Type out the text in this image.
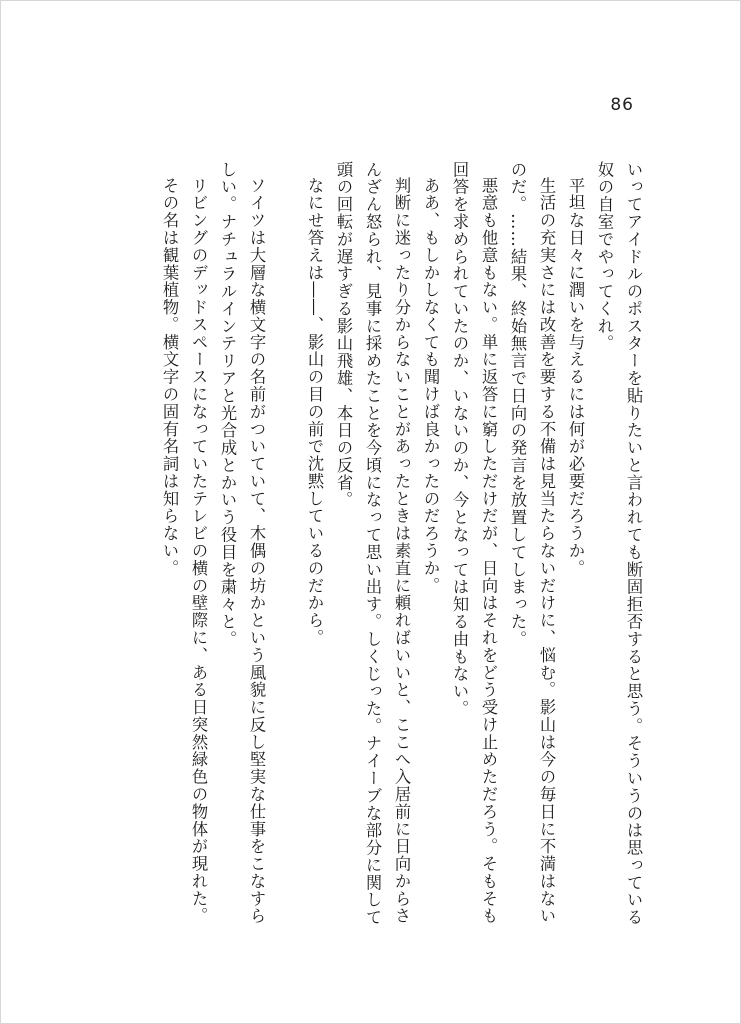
86

いってアイドルのポスターを貼りたいと言われても断固拒否すると思う。そういうのは思っている奴の自室でやってくれ。

平坦な日々に潤いを与えるには何が必要だろうか。

生活の充実さには改善を要する不備は見当たらないだけに、悩む。影山は今の毎日に不満はないのだ。……結果、終始無言で日向の発言を放置してしまった。

悪意も他意もない。単に返答に窮しただけだが、日向はそれをどう受け止めただろう。そもそも回答を求められていたのか、いないのか、今となっては知る由もない。

ああ、もしかしなくても聞けば良かったのだろうか。

判断に迷ったり分からないことがあったときは素直に頼ればいいと、ここへ入居前に日向からさんざん怒られ、見事に採めたことを今頃になって思い出す。しくじった。ナイーブな部分に関して頭の回転が遅すぎる影山飛雄、本日の反省。

なにせ答えは――、影山の目の前で沈黙しているのだから。

ソイツは大層な横文字の名前がついていて、木偶の坊かという風貌に反し堅実な仕事をこなすらしい。ナチュラルインテリアと光合成とかいう役目を粛々と。

リビングのデッドスペースになっていたテレビの横の壁際に、ある日突然緑色の物体が現れた。

その名は観葉植物。横文字の固有名詞は知らない。
